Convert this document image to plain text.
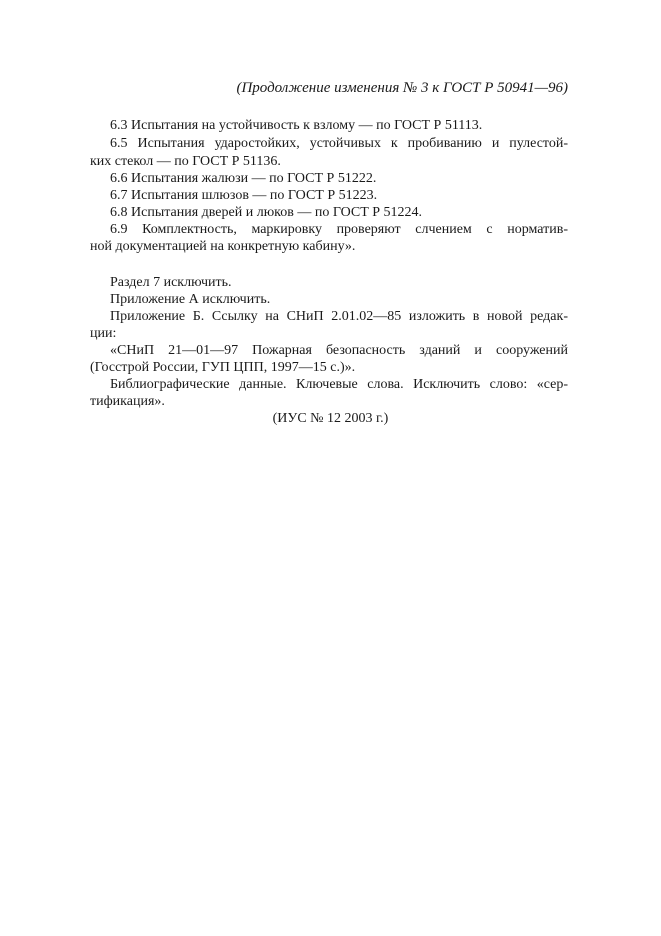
(Продолжение изменения № 3 к ГОСТ Р 50941—96)
6.3 Испытания на устойчивость к взлому — по ГОСТ Р 51113.
6.5 Испытания ударостойких, устойчивых к пробиванию и пулестой-
ких стекол — по ГОСТ Р 51136.
6.6 Испытания жалюзи — по ГОСТ Р 51222.
6.7 Испытания шлюзов — по ГОСТ Р 51223.
6.8 Испытания дверей и люков — по ГОСТ Р 51224.
6.9 Комплектность, маркировку проверяют слчением с норматив-
ной документацией на конкретную кабину».
Раздел 7 исключить.
Приложение А исключить.
Приложение Б. Ссылку на СНиП 2.01.02—85 изложить в новой редак-
ции:
«СНиП 21—01—97 Пожарная безопасность зданий и сооружений
(Госстрой России, ГУП ЦПП, 1997—15 с.)».
Библиографические данные. Ключевые слова. Исключить слово: «сер-
тификация».
(ИУС № 12 2003 г.)
